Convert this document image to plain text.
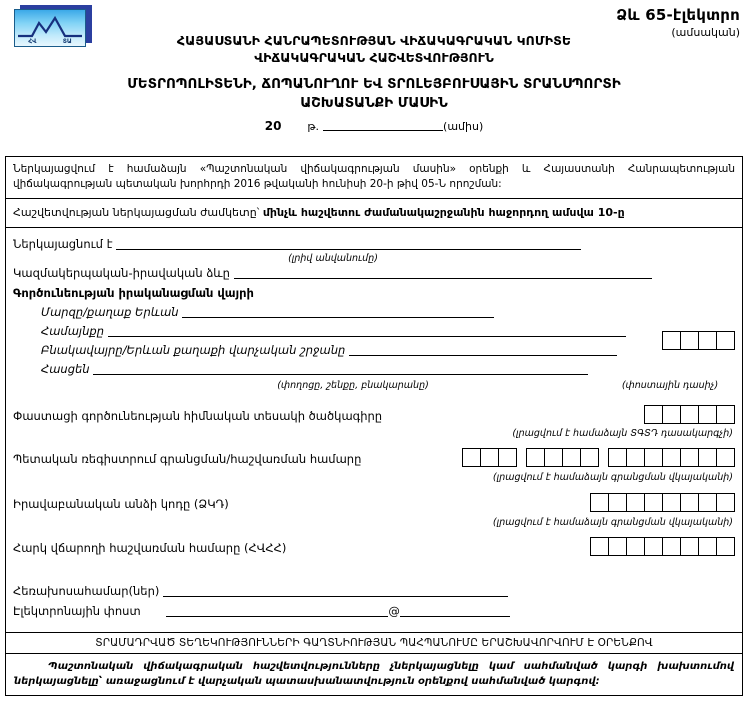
ՀՎ	ՏԱ
Ձև 65-էլեկտրո
(ամսական)
ՀԱՅԱՍՏԱՆԻ ՀԱՆՐԱՊԵՏՈՒԹՅԱՆ ՎԻՃԱԿԱԳՐԱԿԱՆ ԿՈՄԻՏԵ
ՎԻՃԱԿԱԳՐԱԿԱՆ ՀԱՇՎԵՏՎՈՒԹՅՈՒՆ
ՄԵՏՐՈՊՈԼԻՏԵՆԻ, ՃՈՊԱՆՈՒՂՈՒ ԵՎ ՏՐՈԼԵՅԲՈՒՍԱՅԻՆ ՏՐԱՆՍՊՈՐՏԻ
ԱՇԽԱՏԱՆՔԻ ՄԱՍԻՆ
20 թ.	(ամիս)
Ներկայացվում է համաձայն «Պաշտոնական վիճակագրության մասին» օրենքի և Հայաստանի Հանրապետության վիճակագրության պետական խորհրդի 2016 թվականի հունիսի 20-ի թիվ 05-Ն որոշման:
Հաշվետվության ներկայացման ժամկետը՝ մինչև հաշվետու ժամանակաշրջանին հաջորդող ամսվա 10-ը
Ներկայացնում է
(լրիվ անվանումը)
Կազմակերպական-իրավական ձևը
Գործունեության իրականացման վայրի
Մարզը/քաղաք Երևան
Համայնքը
Բնակավայրը/Երևան քաղաքի վարչական շրջանը
Հասցեն
(փողոցը, շենքը, բնակարանը)	(փոստային դասիչ)
Փաստացի գործունեության հիմնական տեսակի ծածկագիրը
(լրացվում է համաձայն ՏԳՏԴ դասակարգչի)
Պետական ռեգիստրում գրանցման/հաշվառման համարը
(լրացվում է համաձայն գրանցման վկայականի)
Իրավաբանական անձի կոդը (ՁԿԴ)
(լրացվում է համաձայն գրանցման վկայականի)
Հարկ վճարողի հաշվառման համարը (ՀՎՀՀ)
Հեռախոսահամար(ներ)
Էլեկտրոնային փոստ	@
ՏՐԱՄԱԴՐՎԱԾ ՏԵՂԵԿՈՒԹՅՈՒՆՆԵՐԻ ԳԱՂՏՆԻՈՒԹՅԱՆ ՊԱՀՊԱՆՈՒՄԸ ԵՐԱՇԽԱՎՈՐՎՈՒՄ Է ՕՐԵՆՔՈՎ
Պաշտոնական վիճակագրական հաշվետվությունները չներկայացնելը կամ սահմանված կարգի խախտումով ներկայացնելը՝ առաջացնում է վարչական պատասխանատվություն օրենքով սահմանված կարգով:
